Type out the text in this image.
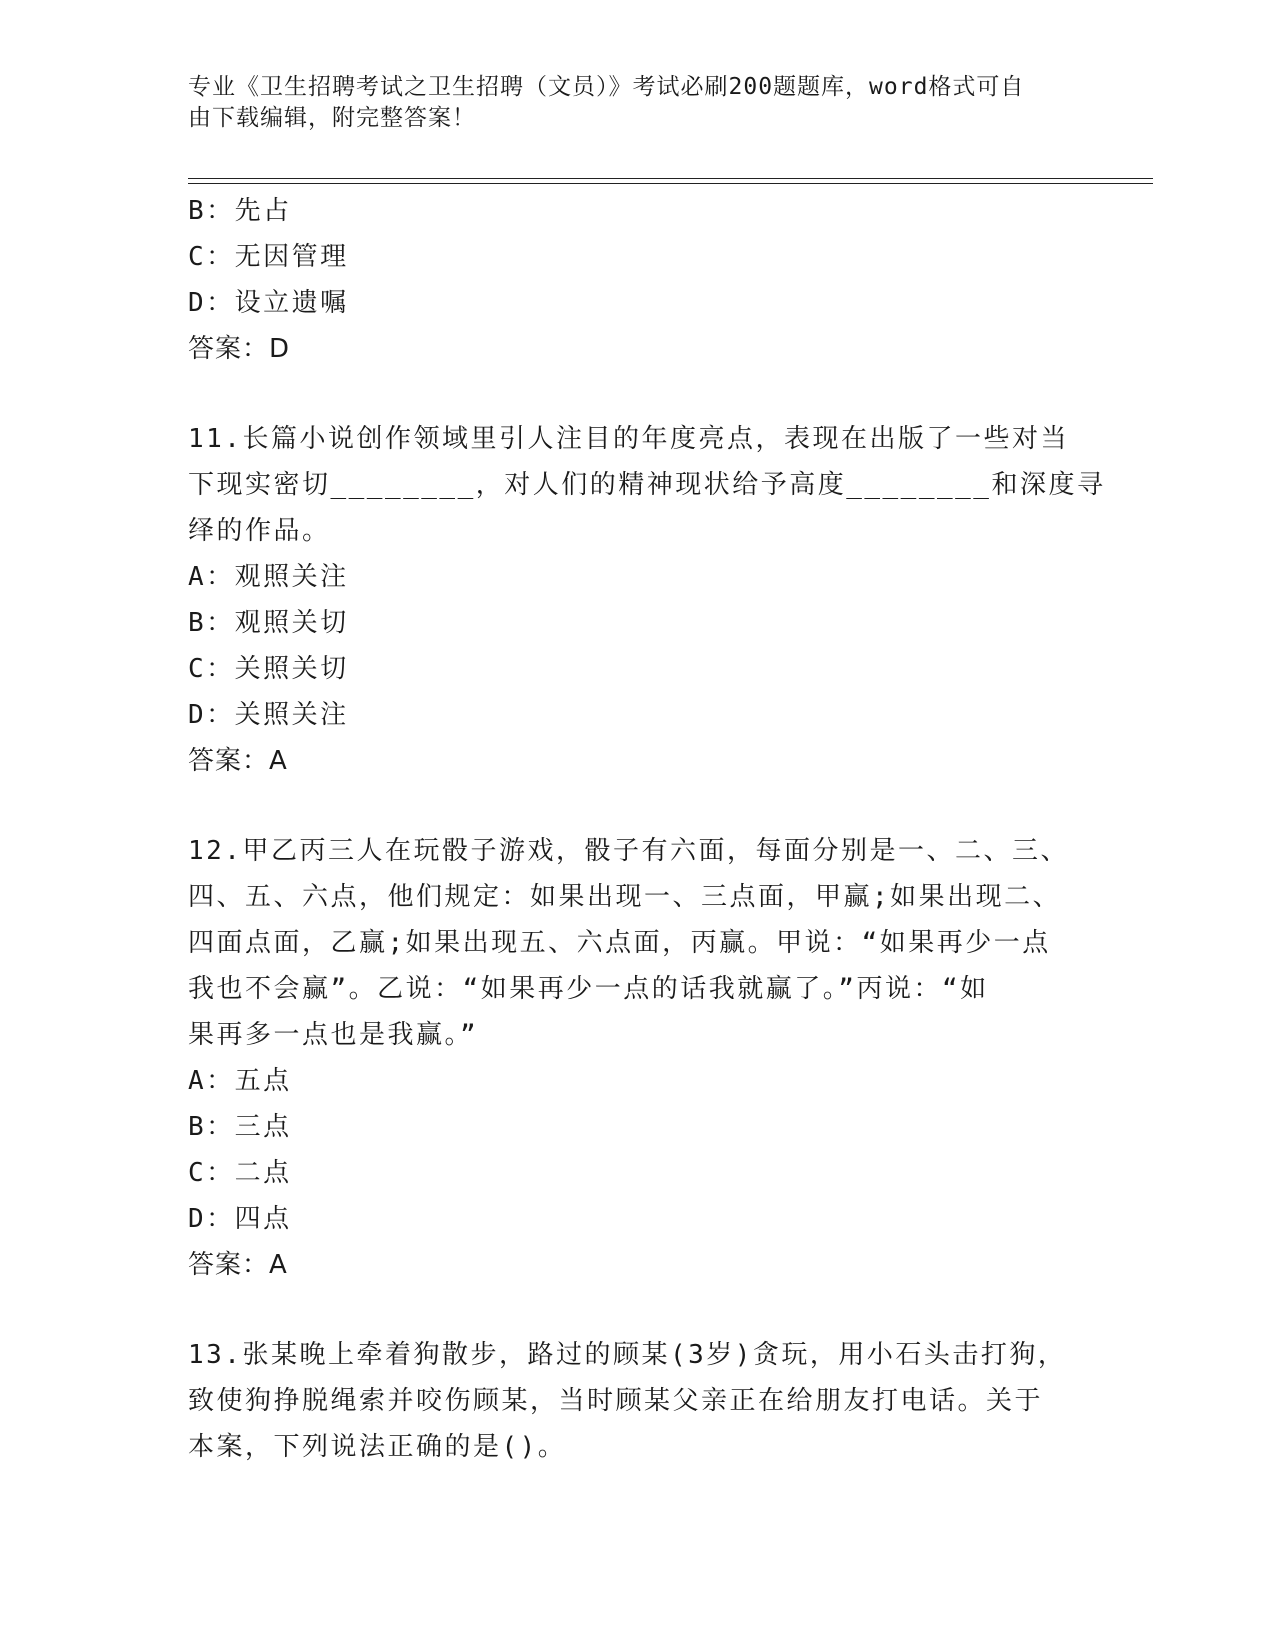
专业《卫生招聘考试之卫生招聘（文员）》考试必刷200题题库，word格式可自
由下载编辑，附完整答案！
B：先占
C：无因管理
D：设立遗嘱
答案：D
11.长篇小说创作领域里引人注目的年度亮点，表现在出版了一些对当
下现实密切________，对人们的精神现状给予高度________和深度寻
绎的作品。
A：观照关注
B：观照关切
C：关照关切
D：关照关注
答案：A
12.甲乙丙三人在玩骰子游戏，骰子有六面，每面分别是一、二、三、
四、五、六点，他们规定：如果出现一、三点面，甲赢;如果出现二、
四面点面，乙赢;如果出现五、六点面，丙赢。甲说：“如果再少一点
我也不会赢”。乙说：“如果再少一点的话我就赢了。”丙说：“如
果再多一点也是我赢。”
A：五点
B：三点
C：二点
D：四点
答案：A
13.张某晚上牵着狗散步，路过的顾某(3岁)贪玩，用小石头击打狗，
致使狗挣脱绳索并咬伤顾某，当时顾某父亲正在给朋友打电话。关于
本案，下列说法正确的是()。
